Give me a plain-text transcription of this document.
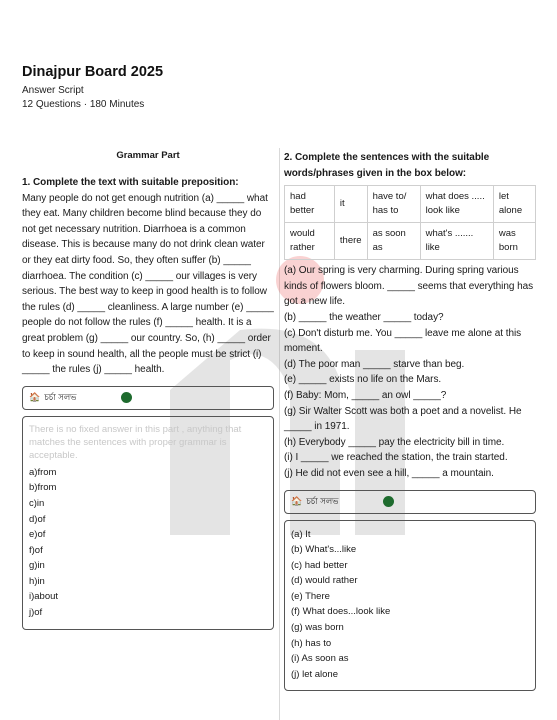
Dinajpur Board 2025
Answer Script
12 Questions · 180 Minutes
Grammar Part
1. Complete the text with suitable preposition:
Many people do not get enough nutrition (a) _____ what they eat. Many children become blind because they do not get necessary nutrition. Diarrhoea is a common disease. This is because many do not drink clean water or they eat dirty food. So, they often suffer (b) _____ diarrhoea. The condition (c) _____ our villages is very serious. The best way to keep in good health is to follow the rules (d) _____ cleanliness. A large number (e) _____ people do not follow the rules (f) _____ health. It is a great problem (g) _____ our country. So, (h) _____ order to keep in sound health, all the people must be strict (i) _____ the rules (j) _____ health.
🏠 চর্চা সলভ
There is no fixed answer in this part , anything that matches the sentences with proper grammar is acceptable.
a)from
b)from
c)in
d)of
e)of
f)of
g)in
h)in
i)about
j)of
2. Complete the sentences with the suitable words/phrases given in the box below:
had better	it	have to/ has to	what does ..... look like	let alone
would rather	there	as soon as	what's ....... like	was born
(a) Our spring is very charming. During spring various kinds of flowers bloom. _____ seems that everything has got a new life.
(b) _____ the weather _____ today?
(c) Don't disturb me. You _____ leave me alone at this moment.
(d) The poor man _____ starve than beg.
(e) _____ exists no life on the Mars.
(f) Baby: Mom, _____ an owl _____?
(g) Sir Walter Scott was both a poet and a novelist. He _____ in 1971.
(h) Everybody _____ pay the electricity bill in time.
(i) I _____ we reached the station, the train started.
(j) He did not even see a hill, _____ a mountain.
🏠 চর্চা সলভ
(a) It
(b) What's...like
(c) had better
(d) would rather
(e) There
(f) What does...look like
(g) was born
(h) has to
(i) As soon as
(j) let alone
